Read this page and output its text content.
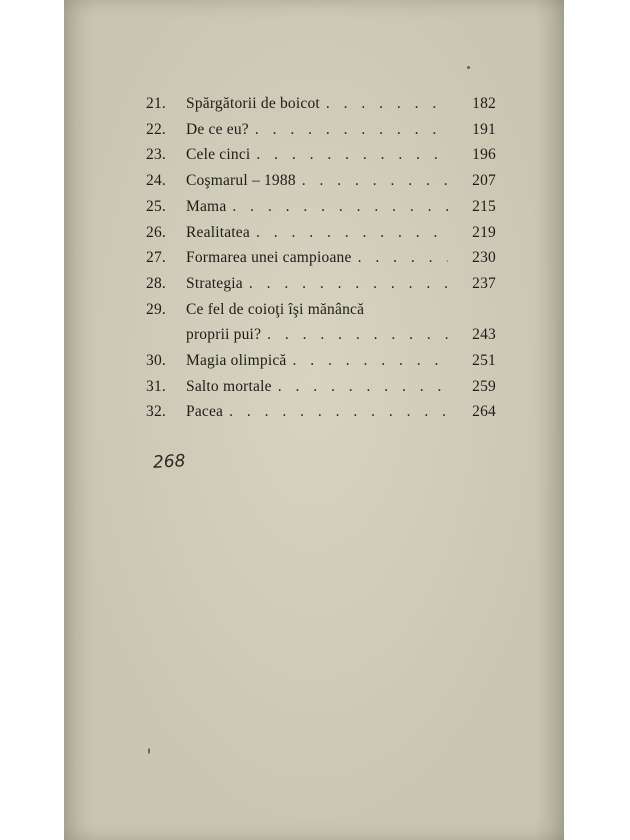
21.	Spărgătorii de boicot . . .	182
22.	De ce eu? . . .	191
23.	Cele cinci . . .	196
24.	Coşmarul – 1988 . . .	207
25.	Mama . . .	215
26.	Realitatea . . .	219
27.	Formarea unei campioane . . .	230
28.	Strategia . . .	237
29.	Ce fel de coioţi îşi mănâncă
proprii pui? . . .	243
30.	Magia olimpică . . .	251
31.	Salto mortale . . .	259
32.	Pacea . . .	264
268
